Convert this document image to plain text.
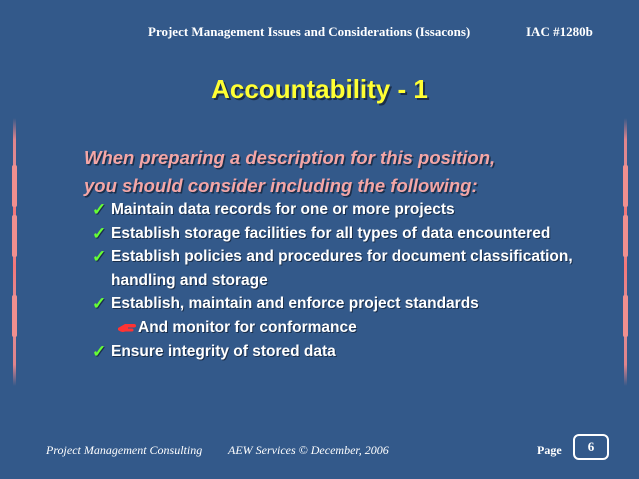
Project Management Issues and Considerations (Issacons)	IAC #1280b
Accountability - 1
When preparing a description for this position,
you should consider including the following:
✓ Maintain data records for one or more projects
✓ Establish storage facilities for all types of data encountered
✓ Establish policies and procedures for document classification, handling and storage
✓ Establish, maintain and enforce project standards
And monitor for conformance
✓ Ensure integrity of stored data
Project Management Consulting AEW Services © December, 2006	Page	6
